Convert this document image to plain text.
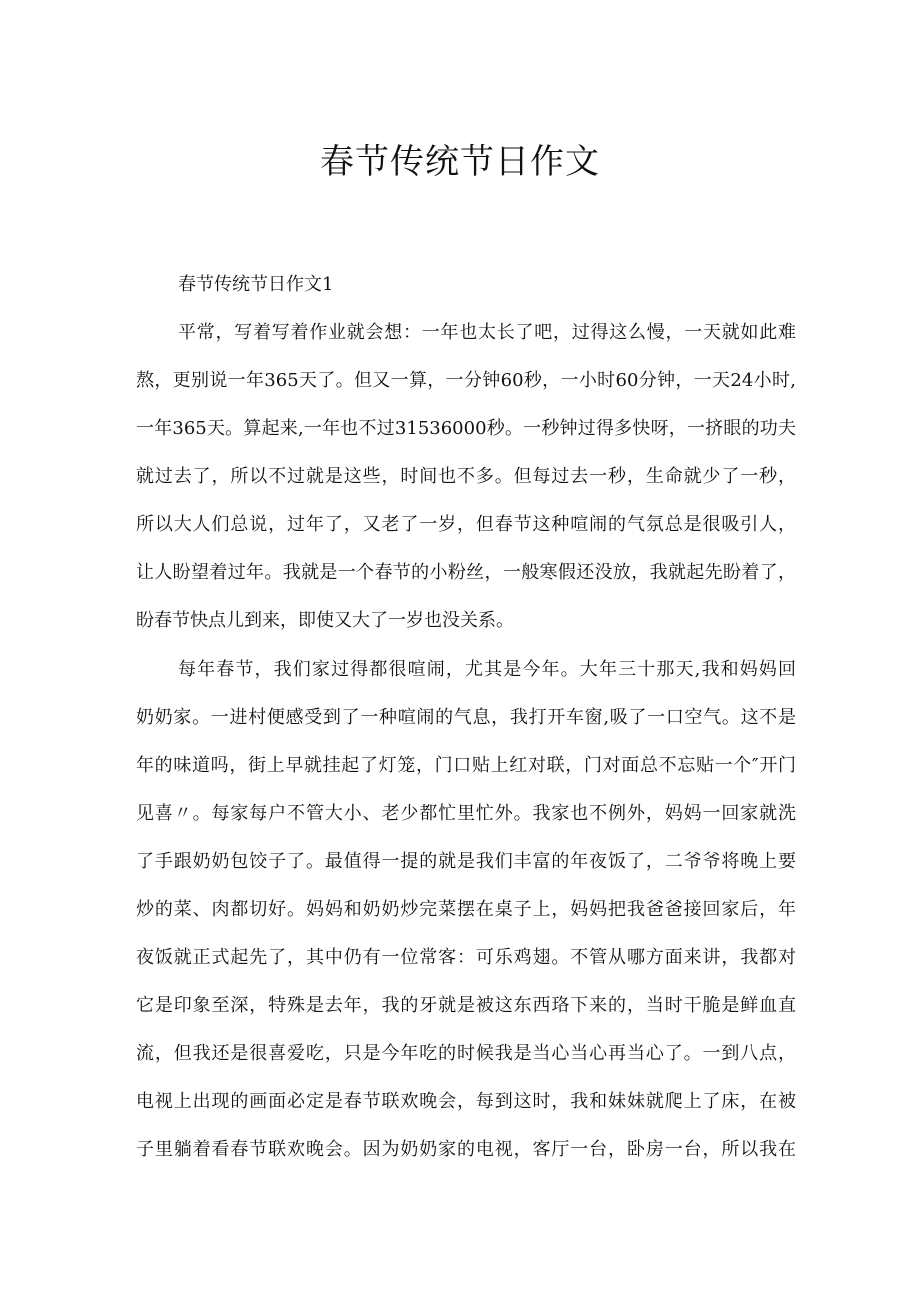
春节传统节日作文
春节传统节日作文1
平常，写着写着作业就会想：一年也太长了吧，过得这么慢，一天就如此难
熬，更别说一年365天了。但又一算，一分钟60秒，一小时60分钟，一天24小时,
一年365天。算起来,一年也不过31536000秒。一秒钟过得多快呀，一挤眼的功夫
就过去了，所以不过就是这些，时间也不多。但每过去一秒，生命就少了一秒，
所以大人们总说，过年了，又老了一岁，但春节这种喧闹的气氛总是很吸引人，
让人盼望着过年。我就是一个春节的小粉丝，一般寒假还没放，我就起先盼着了，
盼春节快点儿到来，即使又大了一岁也没关系。
每年春节，我们家过得都很喧闹，尤其是今年。大年三十那天,我和妈妈回
奶奶家。一进村便感受到了一种喧闹的气息，我打开车窗,吸了一口空气。这不是
年的味道吗，街上早就挂起了灯笼，门口贴上红对联，门对面总不忘贴一个″开门
见喜〃。每家每户不管大小、老少都忙里忙外。我家也不例外，妈妈一回家就洗
了手跟奶奶包饺子了。最值得一提的就是我们丰富的年夜饭了，二爷爷将晚上要
炒的菜、肉都切好。妈妈和奶奶炒完菜摆在桌子上，妈妈把我爸爸接回家后，年
夜饭就正式起先了，其中仍有一位常客：可乐鸡翅。不管从哪方面来讲，我都对
它是印象至深，特殊是去年，我的牙就是被这东西珞下来的，当时干脆是鲜血直
流，但我还是很喜爱吃，只是今年吃的时候我是当心当心再当心了。一到八点，
电视上出现的画面必定是春节联欢晚会，每到这时，我和妹妹就爬上了床，在被
子里躺着看春节联欢晚会。因为奶奶家的电视，客厅一台，卧房一台，所以我在
